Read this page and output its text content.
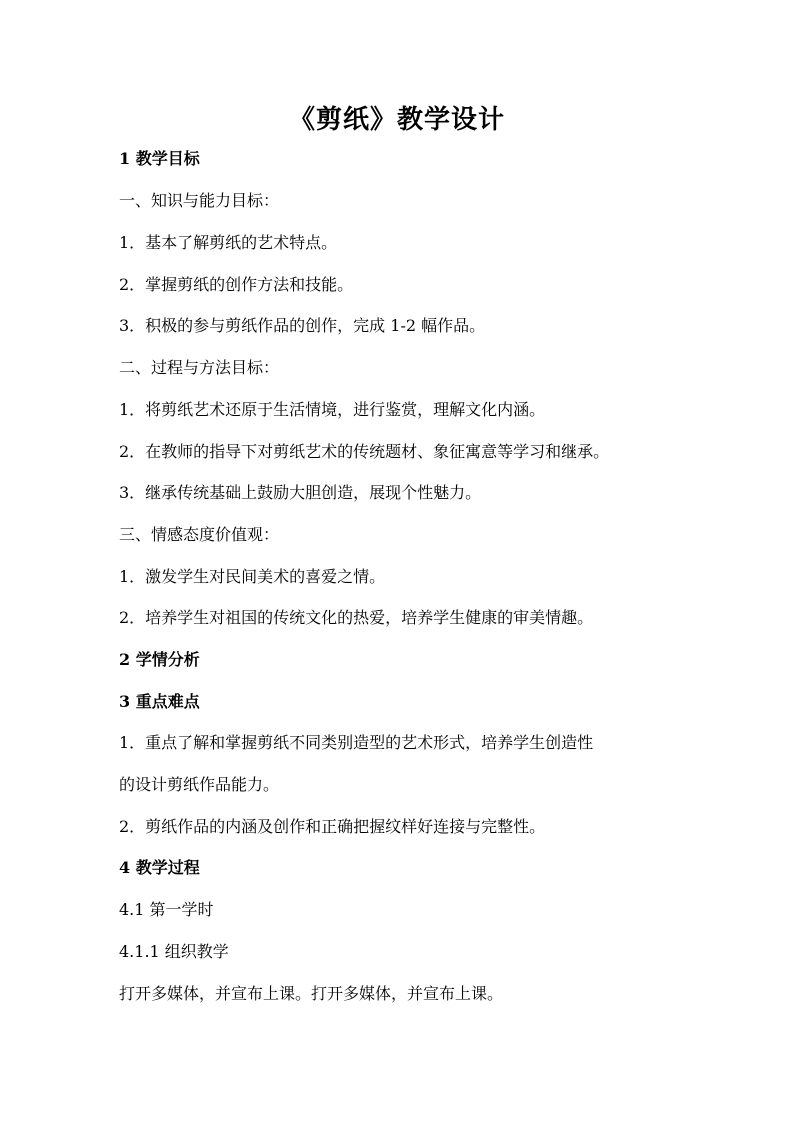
《剪纸》教学设计
1 教学目标
一、知识与能力目标：
1．基本了解剪纸的艺术特点。
2．掌握剪纸的创作方法和技能。
3．积极的参与剪纸作品的创作，完成 1-2 幅作品。
二、过程与方法目标：
1．将剪纸艺术还原于生活情境，进行鉴赏，理解文化内涵。
2．在教师的指导下对剪纸艺术的传统题材、象征寓意等学习和继承。
3．继承传统基础上鼓励大胆创造，展现个性魅力。
三、情感态度价值观：
1．激发学生对民间美术的喜爱之情。
2．培养学生对祖国的传统文化的热爱，培养学生健康的审美情趣。
2 学情分析
3 重点难点
1．重点了解和掌握剪纸不同类别造型的艺术形式，培养学生创造性
的设计剪纸作品能力。
2．剪纸作品的内涵及创作和正确把握纹样好连接与完整性。
4 教学过程
4.1 第一学时
4.1.1 组织教学
打开多媒体，并宣布上课。打开多媒体，并宣布上课。
